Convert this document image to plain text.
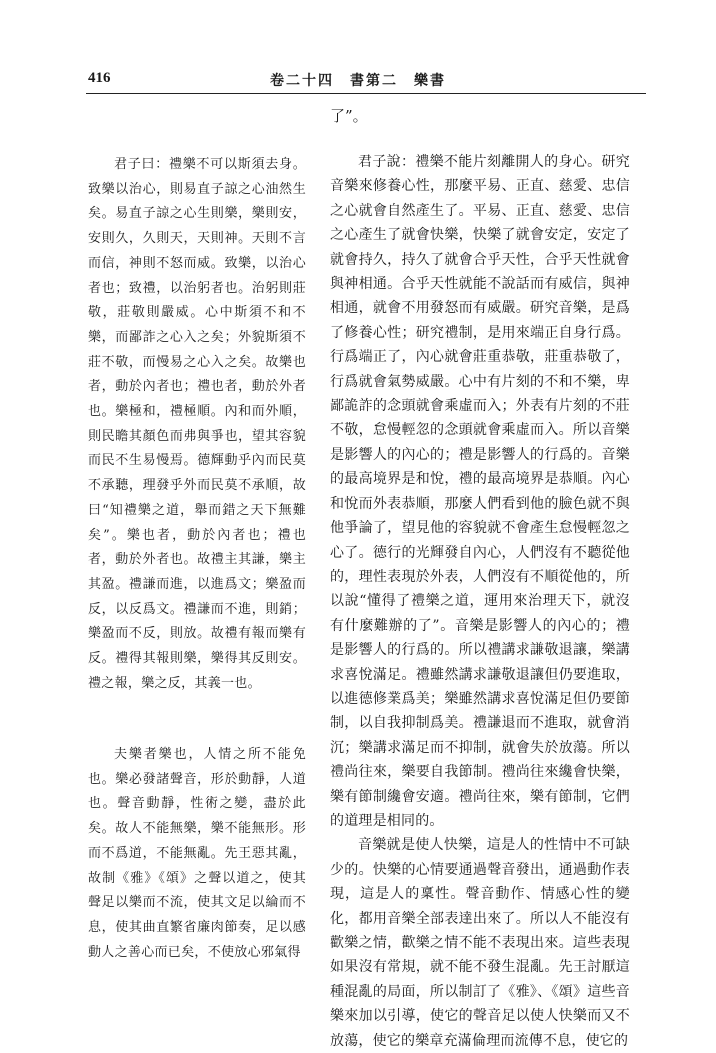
416	卷二十四　書第二　樂書
了”。

君子曰：禮樂不可以斯須去身。致樂以治心，則易直子諒之心油然生矣。易直子諒之心生則樂，樂則安，安則久，久則天，天則神。天則不言而信，神則不怒而威。致樂，以治心者也；致禮，以治躬者也。治躬則莊敬，莊敬則嚴威。心中斯須不和不樂，而鄙詐之心入之矣；外貌斯須不莊不敬，而慢易之心入之矣。故樂也者，動於內者也；禮也者，動於外者也。樂極和，禮極順。內和而外順，則民瞻其顏色而弗與爭也，望其容貌而民不生易慢焉。德輝動乎內而民莫不承聽，理發乎外而民莫不承順，故曰“知禮樂之道，舉而錯之天下無難矣”。樂也者，動於內者也；禮也者，動於外者也。故禮主其謙，樂主其盈。禮謙而進，以進爲文；樂盈而反，以反爲文。禮謙而不進，則銷；樂盈而不反，則放。故禮有報而樂有反。禮得其報則樂，樂得其反則安。禮之報，樂之反，其義一也。

夫樂者樂也，人情之所不能免也。樂必發諸聲音，形於動靜，人道也。聲音動靜，性術之變，盡於此矣。故人不能無樂，樂不能無形。形而不爲道，不能無亂。先王惡其亂，故制《雅》《頌》之聲以道之，使其聲足以樂而不流，使其文足以綸而不息，使其曲直繁省廉肉節奏，足以感動人之善心而已矣，不使放心邪氣得

君子說：禮樂不能片刻離開人的身心。研究音樂來修養心性，那麼平易、正直、慈愛、忠信之心就會自然產生了。平易、正直、慈愛、忠信之心產生了就會快樂，快樂了就會安定，安定了就會持久，持久了就會合乎天性，合乎天性就會與神相通。合乎天性就能不說話而有威信，與神相通，就會不用發怒而有威嚴。研究音樂，是爲了修養心性；研究禮制，是用來端正自身行爲。行爲端正了，內心就會莊重恭敬，莊重恭敬了，行爲就會氣勢威嚴。心中有片刻的不和不樂，卑鄙詭詐的念頭就會乘虛而入；外表有片刻的不莊不敬，怠慢輕忽的念頭就會乘虛而入。所以音樂是影響人的內心的；禮是影響人的行爲的。音樂的最高境界是和悅，禮的最高境界是恭順。內心和悅而外表恭順，那麼人們看到他的臉色就不與他爭論了，望見他的容貌就不會產生怠慢輕忽之心了。德行的光輝發自內心，人們沒有不聽從他的，理性表現於外表，人們沒有不順從他的，所以說“懂得了禮樂之道，運用來治理天下，就沒有什麼難辦的了”。音樂是影響人的內心的；禮是影響人的行爲的。所以禮講求謙敬退讓，樂講求喜悅滿足。禮雖然講求謙敬退讓但仍要進取，以進德修業爲美；樂雖然講求喜悅滿足但仍要節制，以自我抑制爲美。禮謙退而不進取，就會消沉；樂講求滿足而不抑制，就會失於放蕩。所以禮尚往來，樂要自我節制。禮尚往來纔會快樂，樂有節制纔會安適。禮尚往來，樂有節制，它們的道理是相同的。

音樂就是使人快樂，這是人的性情中不可缺少的。快樂的心情要通過聲音發出，通過動作表現，這是人的稟性。聲音動作、情感心性的變化，都用音樂全部表達出來了。所以人不能沒有歡樂之情，歡樂之情不能不表現出來。這些表現如果沒有常規，就不能不發生混亂。先王討厭這種混亂的局面，所以制訂了《雅》、《頌》這些音樂來加以引導，使它的聲音足以使人快樂而又不放蕩，使它的樂章充滿倫理而流傳不息，使它的
